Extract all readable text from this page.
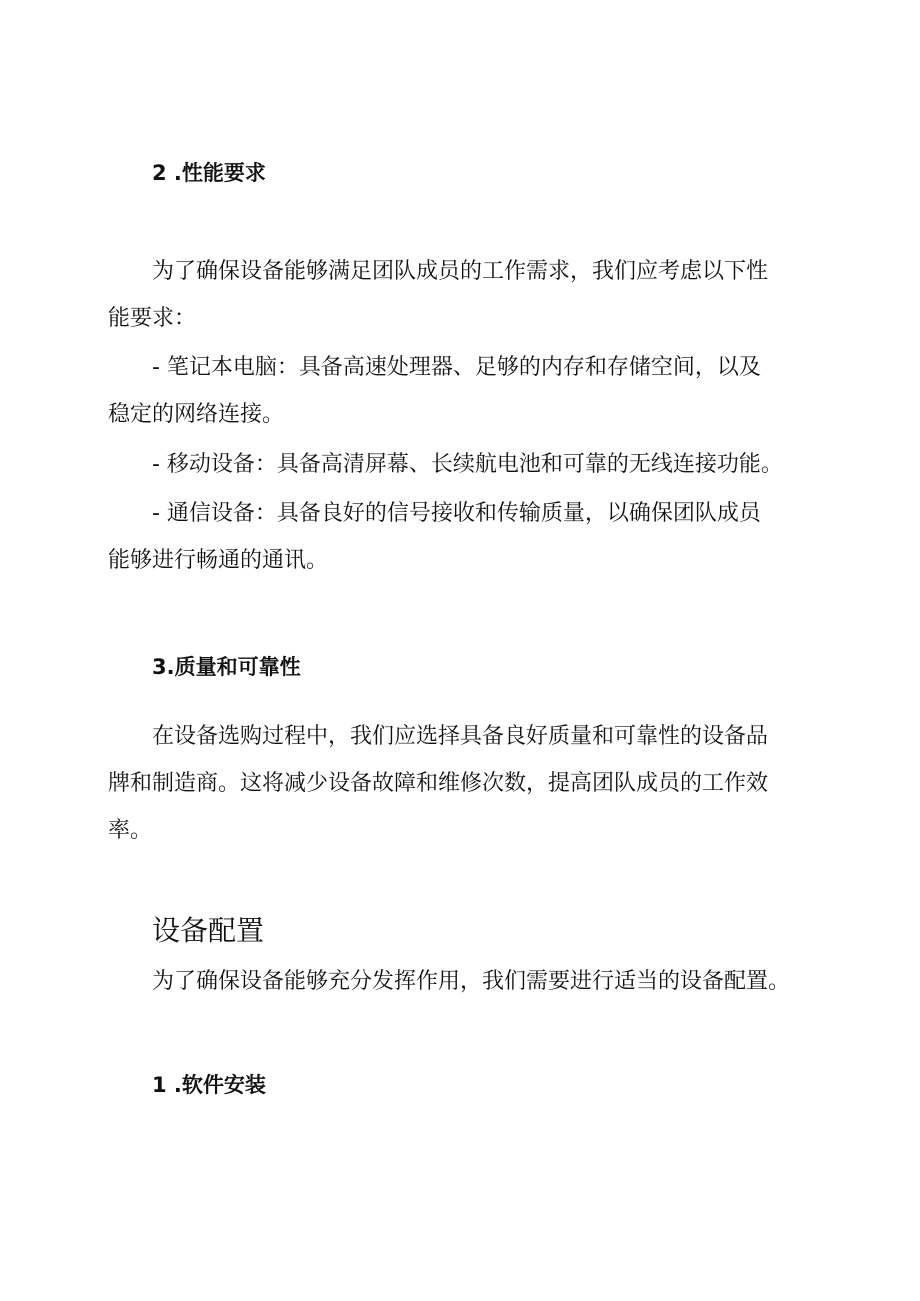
2 .性能要求
为了确保设备能够满足团队成员的工作需求，我们应考虑以下性
能要求：
- 笔记本电脑：具备高速处理器、足够的内存和存储空间，以及
稳定的网络连接。
- 移动设备：具备高清屏幕、长续航电池和可靠的无线连接功能。
- 通信设备：具备良好的信号接收和传输质量，以确保团队成员
能够进行畅通的通讯。
3.质量和可靠性
在设备选购过程中，我们应选择具备良好质量和可靠性的设备品
牌和制造商。这将减少设备故障和维修次数，提高团队成员的工作效
率。
设备配置
为了确保设备能够充分发挥作用，我们需要进行适当的设备配置。
1 .软件安装
